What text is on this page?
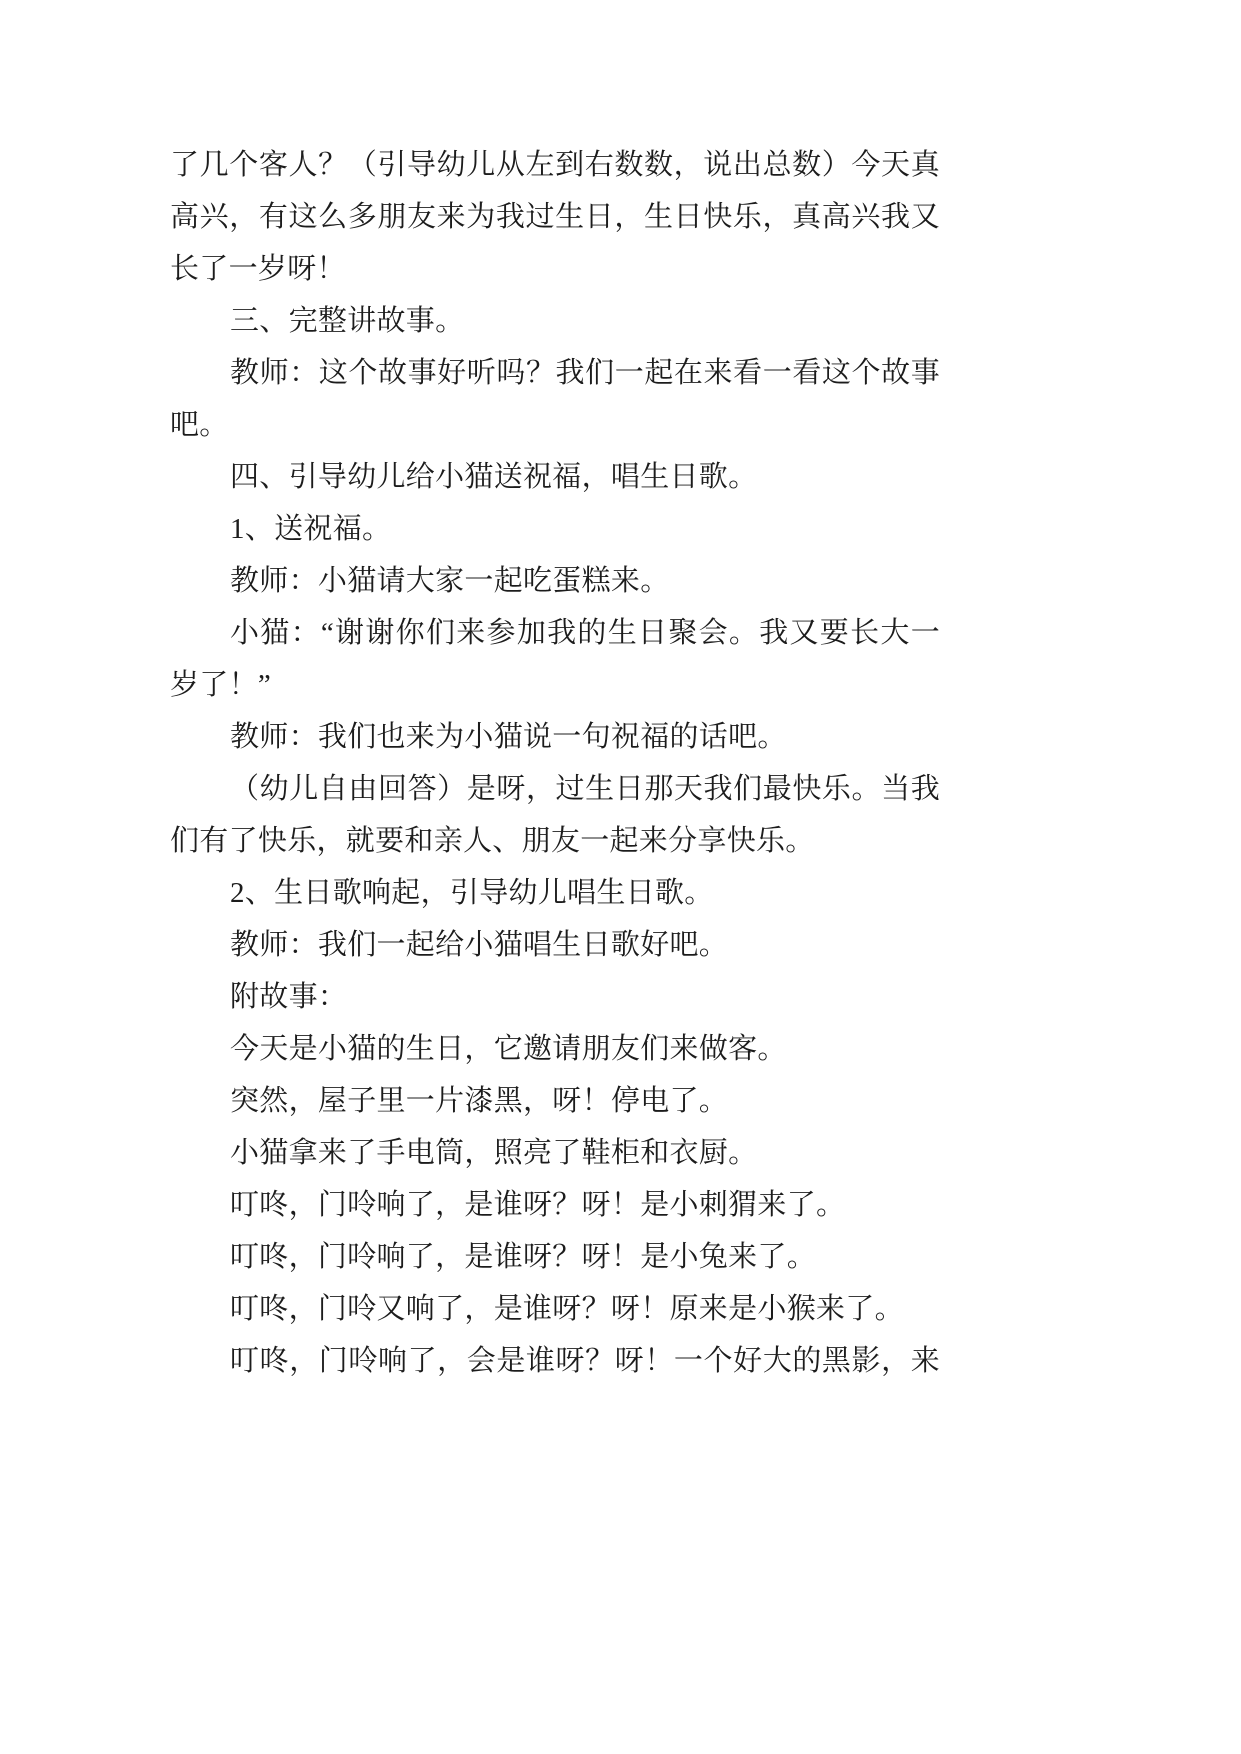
了几个客人？（引导幼儿从左到右数数，说出总数）今天真
高兴，有这么多朋友来为我过生日，生日快乐，真高兴我又
长了一岁呀！
三、完整讲故事。
教师：这个故事好听吗？我们一起在来看一看这个故事
吧。
四、引导幼儿给小猫送祝福，唱生日歌。
1、送祝福。
教师：小猫请大家一起吃蛋糕来。
小猫：“谢谢你们来参加我的生日聚会。我又要长大一
岁了！”
教师：我们也来为小猫说一句祝福的话吧。
（幼儿自由回答）是呀，过生日那天我们最快乐。当我
们有了快乐，就要和亲人、朋友一起来分享快乐。
2、生日歌响起，引导幼儿唱生日歌。
教师：我们一起给小猫唱生日歌好吧。
附故事：
今天是小猫的生日，它邀请朋友们来做客。
突然，屋子里一片漆黑，呀！停电了。
小猫拿来了手电筒，照亮了鞋柜和衣厨。
叮咚，门呤响了，是谁呀？呀！是小刺猬来了。
叮咚，门呤响了，是谁呀？呀！是小兔来了。
叮咚，门呤又响了，是谁呀？呀！原来是小猴来了。
叮咚，门呤响了，会是谁呀？呀！一个好大的黑影，来
